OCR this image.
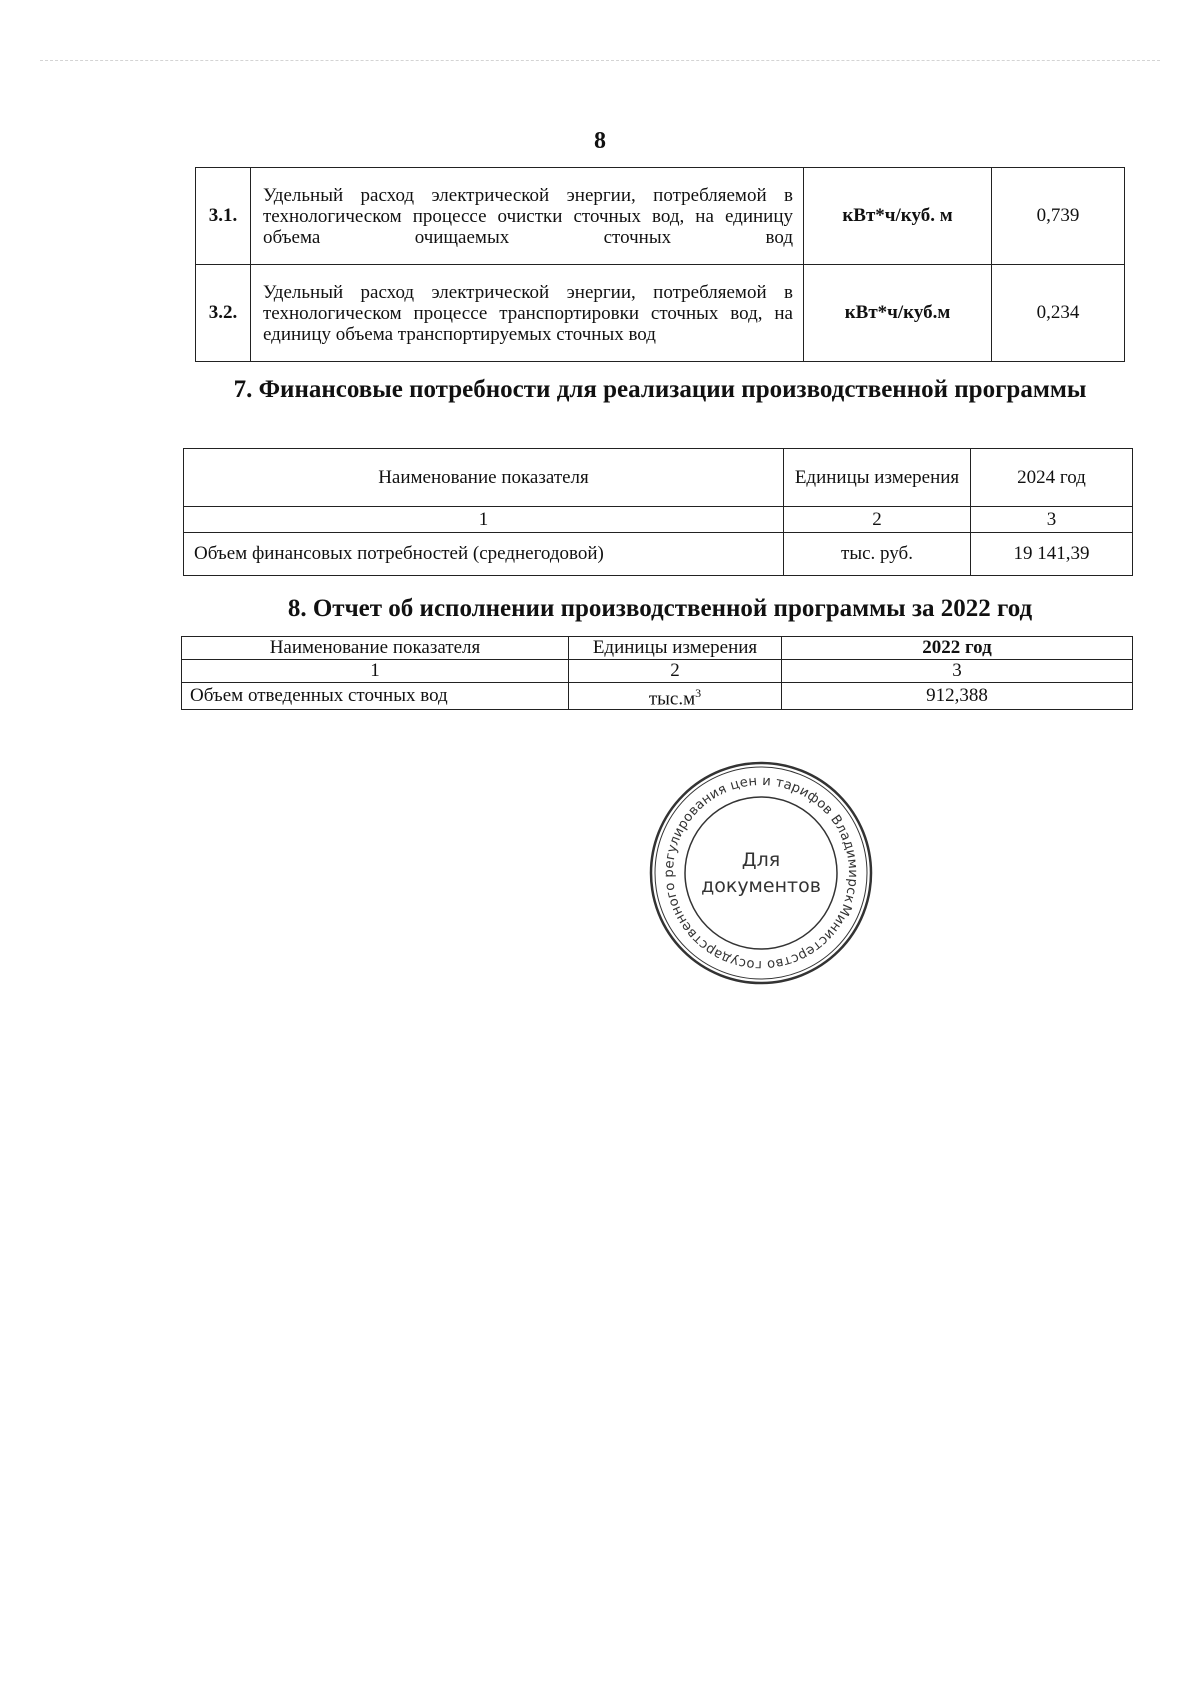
8
3.1.	Удельный расход электрической энергии, потребляемой в технологическом процессе очистки сточных вод, на единицу объема очищаемых сточных вод	кВт*ч/куб. м	0,739
3.2.	Удельный расход электрической энергии, потребляемой в технологическом процессе транспортировки сточных вод, на единицу объема транспортируемых сточных вод	кВт*ч/куб.м	0,234
7. Финансовые потребности для реализации производственной программы
Наименование показателя	Единицы измерения	2024 год
1	2	3
Объем финансовых потребностей (среднегодовой)	тыс. руб.	19 141,39
8. Отчет об исполнении производственной программы за 2022 год
Наименование показателя	Единицы измерения	2022 год
1	2	3
Объем отведенных сточных вод	$тыс.м^3$	912,388
Министерство государственного регулирования цен и тарифов Владимирск
Для
документов
